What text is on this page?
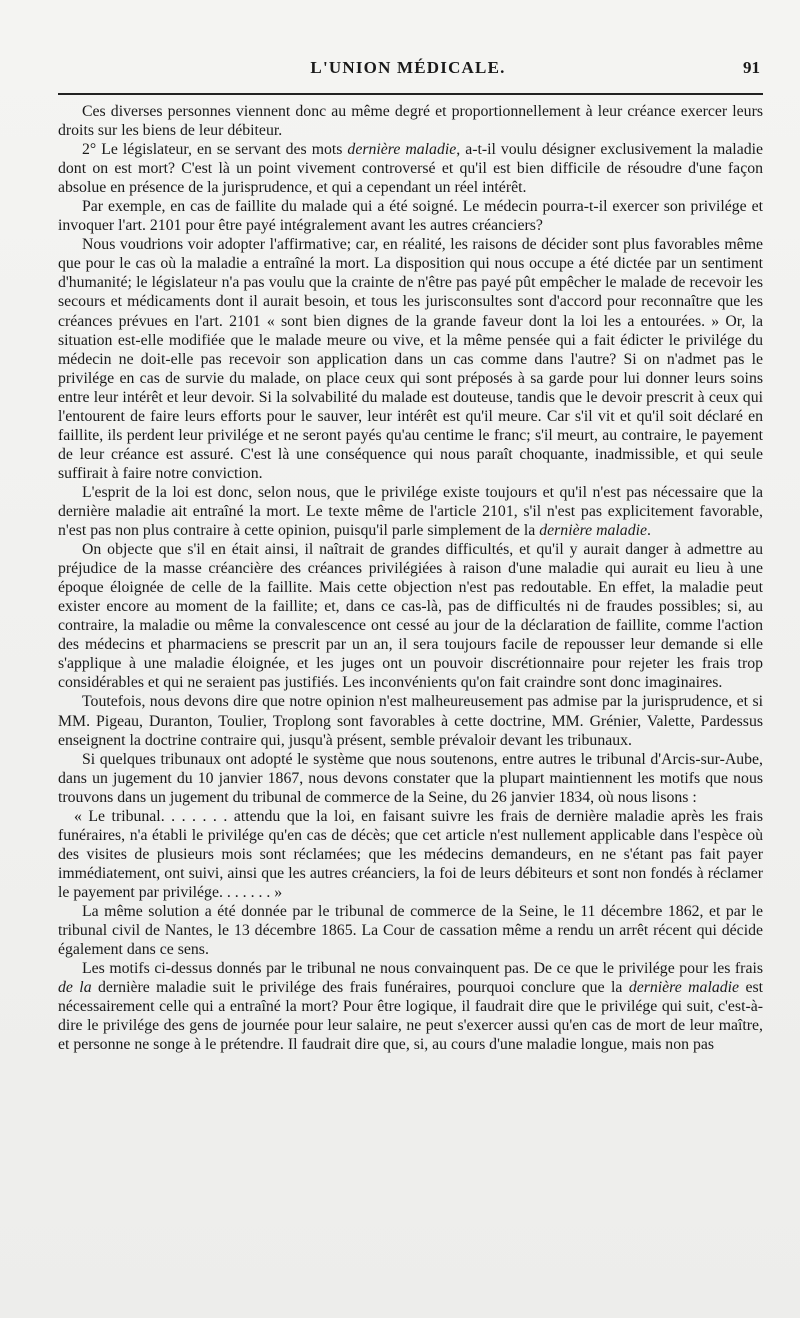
L'UNION MÉDICALE.	91

Ces diverses personnes viennent donc au même degré et proportionnellement à leur créance exercer leurs droits sur les biens de leur débiteur.

2° Le législateur, en se servant des mots dernière maladie, a-t-il voulu désigner exclusivement la maladie dont on est mort? C'est là un point vivement controversé et qu'il est bien difficile de résoudre d'une façon absolue en présence de la jurisprudence, et qui a cependant un réel intérêt.

Par exemple, en cas de faillite du malade qui a été soigné. Le médecin pourra-t-il exercer son privilége et invoquer l'art. 2101 pour être payé intégralement avant les autres créanciers?

Nous voudrions voir adopter l'affirmative; car, en réalité, les raisons de décider sont plus favorables même que pour le cas où la maladie a entraîné la mort. La disposition qui nous occupe a été dictée par un sentiment d'humanité; le législateur n'a pas voulu que la crainte de n'être pas payé pût empêcher le malade de recevoir les secours et médicaments dont il aurait besoin, et tous les jurisconsultes sont d'accord pour reconnaître que les créances prévues en l'art. 2101 « sont bien dignes de la grande faveur dont la loi les a entourées. » Or, la situation est-elle modifiée que le malade meure ou vive, et la même pensée qui a fait édicter le privilége du médecin ne doit-elle pas recevoir son application dans un cas comme dans l'autre? Si on n'admet pas le privilége en cas de survie du malade, on place ceux qui sont préposés à sa garde pour lui donner leurs soins entre leur intérêt et leur devoir. Si la solvabilité du malade est douteuse, tandis que le devoir prescrit à ceux qui l'entourent de faire leurs efforts pour le sauver, leur intérêt est qu'il meure. Car s'il vit et qu'il soit déclaré en faillite, ils perdent leur privilége et ne seront payés qu'au centime le franc; s'il meurt, au contraire, le payement de leur créance est assuré. C'est là une conséquence qui nous paraît choquante, inadmissible, et qui seule suffirait à faire notre conviction.

L'esprit de la loi est donc, selon nous, que le privilége existe toujours et qu'il n'est pas nécessaire que la dernière maladie ait entraîné la mort. Le texte même de l'article 2101, s'il n'est pas explicitement favorable, n'est pas non plus contraire à cette opinion, puisqu'il parle simplement de la dernière maladie.

On objecte que s'il en était ainsi, il naîtrait de grandes difficultés, et qu'il y aurait danger à admettre au préjudice de la masse créancière des créances privilégiées à raison d'une maladie qui aurait eu lieu à une époque éloignée de celle de la faillite. Mais cette objection n'est pas redoutable. En effet, la maladie peut exister encore au moment de la faillite; et, dans ce cas-là, pas de difficultés ni de fraudes possibles; si, au contraire, la maladie ou même la convalescence ont cessé au jour de la déclaration de faillite, comme l'action des médecins et pharmaciens se prescrit par un an, il sera toujours facile de repousser leur demande si elle s'applique à une maladie éloignée, et les juges ont un pouvoir discrétionnaire pour rejeter les frais trop considérables et qui ne seraient pas justifiés. Les inconvénients qu'on fait craindre sont donc imaginaires.

Toutefois, nous devons dire que notre opinion n'est malheureusement pas admise par la jurisprudence, et si MM. Pigeau, Duranton, Toulier, Troplong sont favorables à cette doctrine, MM. Grénier, Valette, Pardessus enseignent la doctrine contraire qui, jusqu'à présent, semble prévaloir devant les tribunaux.

Si quelques tribunaux ont adopté le système que nous soutenons, entre autres le tribunal d'Arcis-sur-Aube, dans un jugement du 10 janvier 1867, nous devons constater que la plupart maintiennent les motifs que nous trouvons dans un jugement du tribunal de commerce de la Seine, du 26 janvier 1834, où nous lisons :

« Le tribunal. . . . . . . attendu que la loi, en faisant suivre les frais de dernière maladie après les frais funéraires, n'a établi le privilége qu'en cas de décès; que cet article n'est nullement applicable dans l'espèce où des visites de plusieurs mois sont réclamées; que les médecins demandeurs, en ne s'étant pas fait payer immédiatement, ont suivi, ainsi que les autres créanciers, la foi de leurs débiteurs et sont non fondés à réclamer le payement par privilége. . . . . . . »

La même solution a été donnée par le tribunal de commerce de la Seine, le 11 décembre 1862, et par le tribunal civil de Nantes, le 13 décembre 1865. La Cour de cassation même a rendu un arrêt récent qui décide également dans ce sens.

Les motifs ci-dessus donnés par le tribunal ne nous convainquent pas. De ce que le privilége pour les frais de la dernière maladie suit le privilége des frais funéraires, pourquoi conclure que la dernière maladie est nécessairement celle qui a entraîné la mort? Pour être logique, il faudrait dire que le privilége qui suit, c'est-à-dire le privilége des gens de journée pour leur salaire, ne peut s'exercer aussi qu'en cas de mort de leur maître, et personne ne songe à le prétendre. Il faudrait dire que, si, au cours d'une maladie longue, mais non pas
